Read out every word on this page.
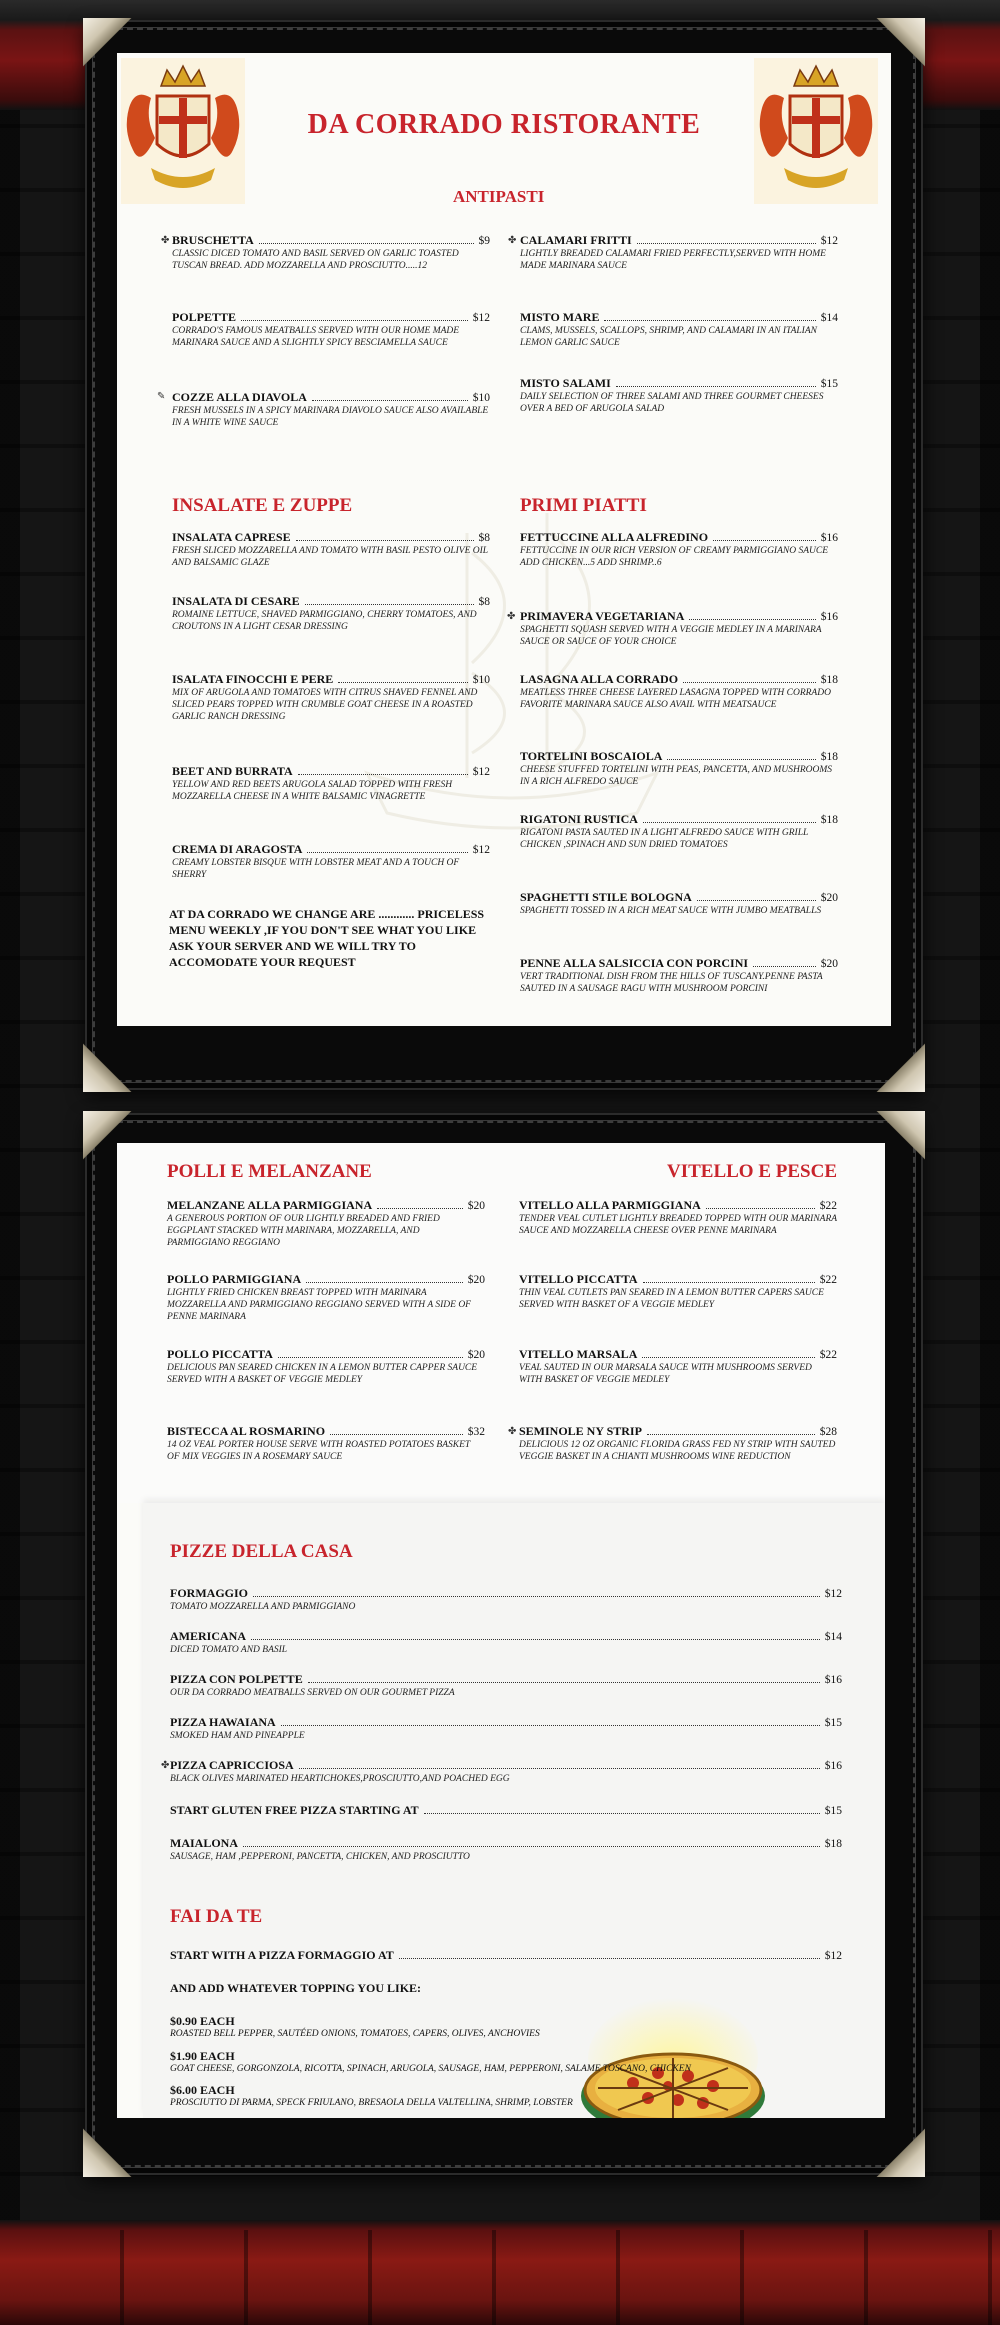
DA CORRADO RISTORANTE
ANTIPASTI
✤ BRUSCHETTA	$9
CLASSIC DICED TOMATO AND BASIL SERVED ON GARLIC TOASTED TUSCAN BREAD. ADD MOZZARELLA AND PROSCIUTTO.....12
POLPETTE	$12
CORRADO'S FAMOUS MEATBALLS SERVED WITH OUR HOME MADE MARINARA SAUCE AND A SLIGHTLY SPICY BESCIAMELLA SAUCE
✎ COZZE ALLA DIAVOLA	$10
FRESH MUSSELS IN A SPICY MARINARA DIAVOLO SAUCE ALSO AVAILABLE IN A WHITE WINE SAUCE
✤ CALAMARI FRITTI	$12
LIGHTLY BREADED CALAMARI FRIED PERFECTLY,SERVED WITH HOME MADE MARINARA SAUCE
MISTO MARE	$14
CLAMS, MUSSELS, SCALLOPS, SHRIMP, AND CALAMARI IN AN ITALIAN LEMON GARLIC SAUCE
MISTO SALAMI	$15
DAILY SELECTION OF THREE SALAMI AND THREE GOURMET CHEESES OVER A BED OF ARUGOLA SALAD
INSALATE E ZUPPE	PRIMI PIATTI
INSALATA CAPRESE	$8
FRESH SLICED MOZZARELLA AND TOMATO WITH BASIL PESTO OLIVE OIL AND BALSAMIC GLAZE
INSALATA DI CESARE	$8
ROMAINE LETTUCE, SHAVED PARMIGGIANO, CHERRY TOMATOES, AND CROUTONS IN A LIGHT CESAR DRESSING
ISALATA FINOCCHI E PERE	$10
MIX OF ARUGOLA AND TOMATOES WITH CITRUS SHAVED FENNEL AND SLICED PEARS TOPPED WITH CRUMBLE GOAT CHEESE IN A ROASTED GARLIC RANCH DRESSING
BEET AND BURRATA	$12
YELLOW AND RED BEETS ARUGOLA SALAD TOPPED WITH FRESH MOZZARELLA CHEESE IN A WHITE BALSAMIC VINAGRETTE
CREMA DI ARAGOSTA	$12
CREAMY LOBSTER BISQUE WITH LOBSTER MEAT AND A TOUCH OF SHERRY
AT DA CORRADO WE CHANGE ARE ............ PRICELESS MENU WEEKLY ,IF YOU DON'T SEE WHAT YOU LIKE ASK YOUR SERVER AND WE WILL TRY TO ACCOMODATE YOUR REQUEST
FETTUCCINE ALLA ALFREDINO	$16
FETTUCCINE IN OUR RICH VERSION OF CREAMY PARMIGGIANO SAUCE ADD CHICKEN...5 ADD SHRIMP..6
✤ PRIMAVERA VEGETARIANA	$16
SPAGHETTI SQUASH SERVED WITH A VEGGIE MEDLEY IN A MARINARA SAUCE OR SAUCE OF YOUR CHOICE
LASAGNA ALLA CORRADO	$18
MEATLESS THREE CHEESE LAYERED LASAGNA TOPPED WITH CORRADO FAVORITE MARINARA SAUCE ALSO AVAIL WITH MEATSAUCE
TORTELINI BOSCAIOLA	$18
CHEESE STUFFED TORTELINI WITH PEAS, PANCETTA, AND MUSHROOMS IN A RICH ALFREDO SAUCE
RIGATONI RUSTICA	$18
RIGATONI PASTA SAUTED IN A LIGHT ALFREDO SAUCE WITH GRILL CHICKEN ,SPINACH AND SUN DRIED TOMATOES
SPAGHETTI STILE BOLOGNA	$20
SPAGHETTI TOSSED IN A RICH MEAT SAUCE WITH JUMBO MEATBALLS
PENNE ALLA SALSICCIA CON PORCINI	$20
VERT TRADITIONAL DISH FROM THE HILLS OF TUSCANY.PENNE PASTA SAUTED IN A SAUSAGE RAGU WITH MUSHROOM PORCINI
POLLI E MELANZANE	VITELLO E PESCE
MELANZANE ALLA PARMIGGIANA	$20
A GENEROUS PORTION OF OUR LIGHTLY BREADED AND FRIED EGGPLANT STACKED WITH MARINARA, MOZZARELLA, AND PARMIGGIANO REGGIANO
POLLO PARMIGGIANA	$20
LIGHTLY FRIED CHICKEN BREAST TOPPED WITH MARINARA MOZZARELLA AND PARMIGGIANO REGGIANO SERVED WITH A SIDE OF PENNE MARINARA
POLLO PICCATTA	$20
DELICIOUS PAN SEARED CHICKEN IN A LEMON BUTTER CAPPER SAUCE SERVED WITH A BASKET OF VEGGIE MEDLEY
BISTECCA AL ROSMARINO	$32
14 OZ VEAL PORTER HOUSE SERVE WITH ROASTED POTATOES BASKET OF MIX VEGGIES IN A ROSEMARY SAUCE
VITELLO ALLA PARMIGGIANA	$22
TENDER VEAL CUTLET LIGHTLY BREADED TOPPED WITH OUR MARINARA SAUCE AND MOZZARELLA CHEESE OVER PENNE MARINARA
VITELLO PICCATTA	$22
THIN VEAL CUTLETS PAN SEARED IN A LEMON BUTTER CAPERS SAUCE SERVED WITH BASKET OF A VEGGIE MEDLEY
VITELLO MARSALA	$22
VEAL SAUTED IN OUR MARSALA SAUCE WITH MUSHROOMS SERVED WITH BASKET OF VEGGIE MEDLEY
✤ SEMINOLE NY STRIP	$28
DELICIOUS 12 OZ ORGANIC FLORIDA GRASS FED NY STRIP WITH SAUTED VEGGIE BASKET IN A CHIANTI MUSHROOMS WINE REDUCTION
PIZZE DELLA CASA
FORMAGGIO	$12
TOMATO MOZZARELLA AND PARMIGGIANO
AMERICANA	$14
DICED TOMATO AND BASIL
PIZZA CON POLPETTE	$16
OUR DA CORRADO MEATBALLS SERVED ON OUR GOURMET PIZZA
PIZZA HAWAIANA	$15
SMOKED HAM AND PINEAPPLE
✤ PIZZA CAPRICCIOSA	$16
BLACK OLIVES MARINATED HEARTICHOKES,PROSCIUTTO,AND POACHED EGG
START GLUTEN FREE PIZZA STARTING AT	$15
MAIALONA	$18
SAUSAGE, HAM ,PEPPERONI, PANCETTA, CHICKEN, AND PROSCIUTTO
FAI DA TE
START WITH A PIZZA FORMAGGIO AT	$12
AND ADD WHATEVER TOPPING YOU LIKE:
$0.90 EACH
ROASTED BELL PEPPER, SAUTÉED ONIONS, TOMATOES, CAPERS, OLIVES, ANCHOVIES
$1.90 EACH
GOAT CHEESE, GORGONZOLA, RICOTTA, SPINACH, ARUGOLA, SAUSAGE, HAM, PEPPERONI, SALAME TOSCANO, CHICKEN
$6.00 EACH
PROSCIUTTO DI PARMA, SPECK FRIULANO, BRESAOLA DELLA VALTELLINA, SHRIMP, LOBSTER
